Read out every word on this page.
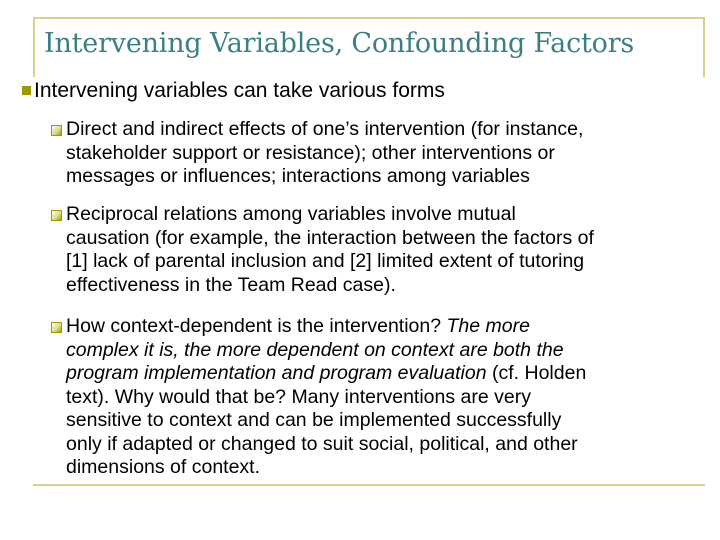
Intervening Variables, Confounding Factors
Intervening variables can take various forms
Direct and indirect effects of one’s intervention (for instance,
stakeholder support or resistance); other interventions or
messages or influences; interactions among variables
Reciprocal relations among variables involve mutual
causation (for example, the interaction between the factors of
[1] lack of parental inclusion and [2] limited extent of tutoring
effectiveness in the Team Read case).
How context-dependent is the intervention? The more
complex it is, the more dependent on context are both the
program implementation and program evaluation (cf. Holden
text). Why would that be? Many interventions are very
sensitive to context and can be implemented successfully
only if adapted or changed to suit social, political, and other
dimensions of context.
